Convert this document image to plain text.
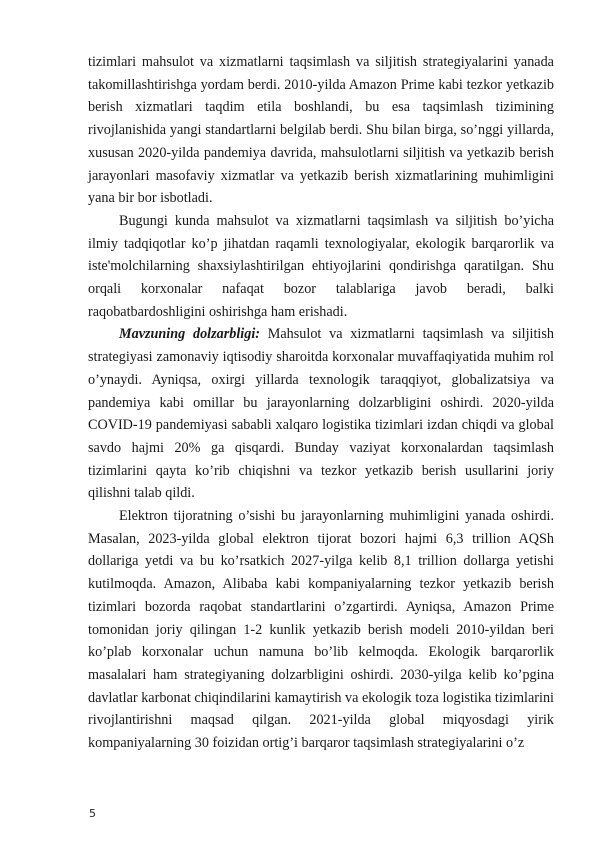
tizimlari mahsulot va xizmatlarni taqsimlash va siljitish strategiyalarini yanada takomillashtirishga yordam berdi. 2010-yilda Amazon Prime kabi tezkor yetkazib berish xizmatlari taqdim etila boshlandi, bu esa taqsimlash tizimining rivojlanishida yangi standartlarni belgilab berdi. Shu bilan birga, so’nggi yillarda, xususan 2020-yilda pandemiya davrida, mahsulotlarni siljitish va yetkazib berish jarayonlari masofaviy xizmatlar va yetkazib berish xizmatlarining muhimligini yana bir bor isbotladi.

Bugungi kunda mahsulot va xizmatlarni taqsimlash va siljitish bo’yicha ilmiy tadqiqotlar ko’p jihatdan raqamli texnologiyalar, ekologik barqarorlik va iste'molchilarning shaxsiylashtirilgan ehtiyojlarini qondirishga qaratilgan. Shu orqali korxonalar nafaqat bozor talablariga javob beradi, balki raqobatbardoshligini oshirishga ham erishadi.

Mavzuning dolzarbligi: Mahsulot va xizmatlarni taqsimlash va siljitish strategiyasi zamonaviy iqtisodiy sharoitda korxonalar muvaffaqiyatida muhim rol o’ynaydi. Ayniqsa, oxirgi yillarda texnologik taraqqiyot, globalizatsiya va pandemiya kabi omillar bu jarayonlarning dolzarbligini oshirdi. 2020-yilda COVID-19 pandemiyasi sababli xalqaro logistika tizimlari izdan chiqdi va global savdo hajmi 20% ga qisqardi. Bunday vaziyat korxonalardan taqsimlash tizimlarini qayta ko’rib chiqishni va tezkor yetkazib berish usullarini joriy qilishni talab qildi.

Elektron tijoratning o’sishi bu jarayonlarning muhimligini yanada oshirdi. Masalan, 2023-yilda global elektron tijorat bozori hajmi 6,3 trillion AQSh dollariga yetdi va bu ko’rsatkich 2027-yilga kelib 8,1 trillion dollarga yetishi kutilmoqda. Amazon, Alibaba kabi kompaniyalarning tezkor yetkazib berish tizimlari bozorda raqobat standartlarini o’zgartirdi. Ayniqsa, Amazon Prime tomonidan joriy qilingan 1-2 kunlik yetkazib berish modeli 2010-yildan beri ko’plab korxonalar uchun namuna bo’lib kelmoqda. Ekologik barqarorlik masalalari ham strategiyaning dolzarbligini oshirdi. 2030-yilga kelib ko’pgina davlatlar karbonat chiqindilarini kamaytirish va ekologik toza logistika tizimlarini rivojlantirishni maqsad qilgan. 2021-yilda global miqyosdagi yirik kompaniyalarning 30 foizidan ortig’i barqaror taqsimlash strategiyalarini o’z

5
